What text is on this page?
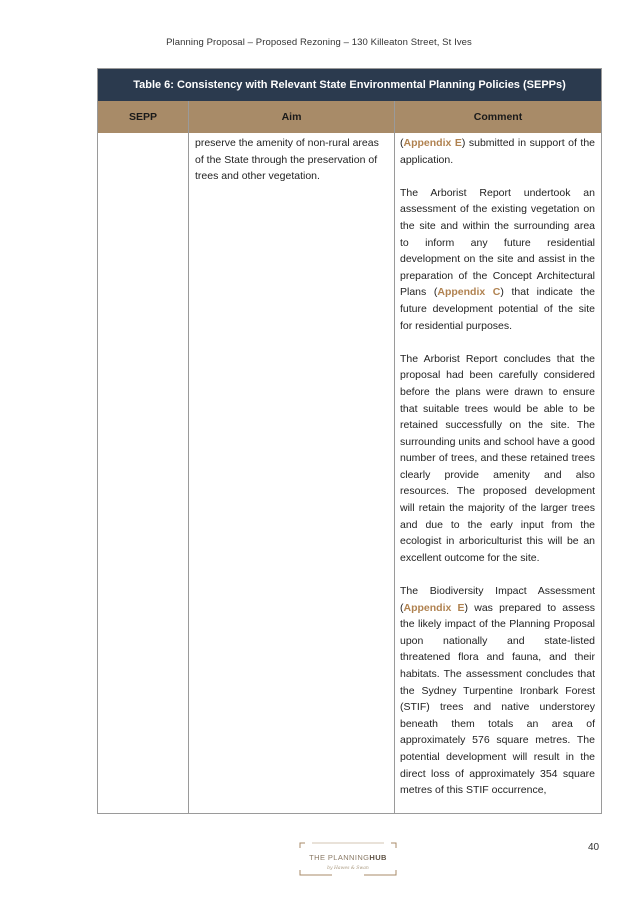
Planning Proposal – Proposed Rezoning – 130 Killeaton Street, St Ives
Table 6: Consistency with Relevant State Environmental Planning Policies (SEPPs)
SEPP	Aim	Comment

preserve the amenity of non-rural areas of the State through the preservation of trees and other vegetation.

(Appendix E) submitted in support of the application.

The Arborist Report undertook an assessment of the existing vegetation on the site and within the surrounding area to inform any future residential development on the site and assist in the preparation of the Concept Architectural Plans (Appendix C) that indicate the future development potential of the site for residential purposes.

The Arborist Report concludes that the proposal had been carefully considered before the plans were drawn to ensure that suitable trees would be able to be retained successfully on the site. The surrounding units and school have a good number of trees, and these retained trees clearly provide amenity and also resources. The proposed development will retain the majority of the larger trees and due to the early input from the ecologist in arboriculturist this will be an excellent outcome for the site.

The Biodiversity Impact Assessment (Appendix E) was prepared to assess the likely impact of the Planning Proposal upon nationally and state-listed threatened flora and fauna, and their habitats. The assessment concludes that the Sydney Turpentine Ironbark Forest (STIF) trees and native understorey beneath them totals an area of approximately 576 square metres. The potential development will result in the direct loss of approximately 354 square metres of this STIF occurrence,

THE PLANNINGHUB
by Hawes & Swan
40
